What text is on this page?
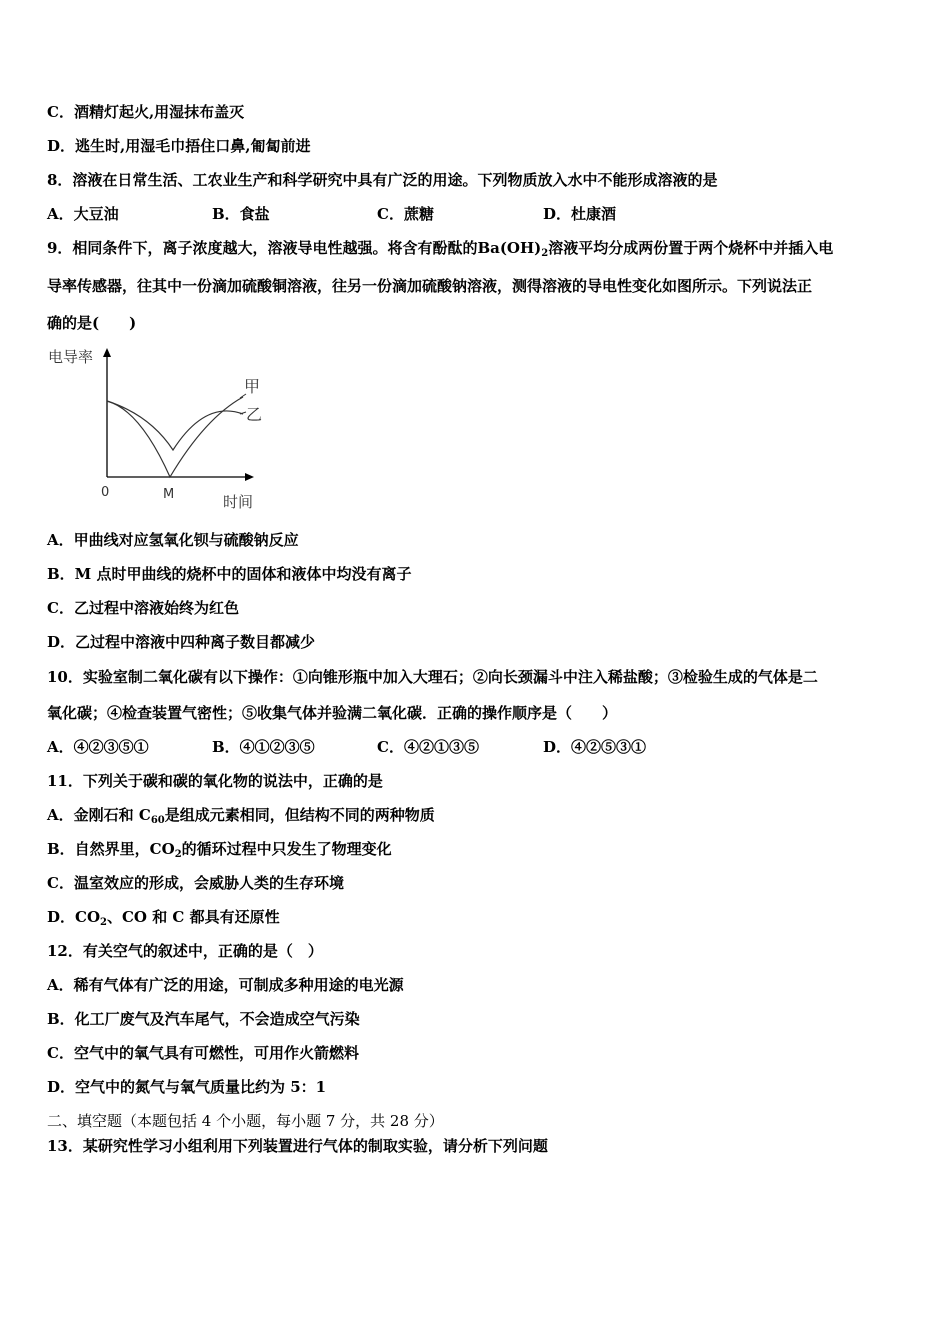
C．酒精灯起火,用湿抹布盖灭
D．逃生时,用湿毛巾捂住口鼻,匍匐前进
8．溶液在日常生活、工农业生产和科学研究中具有广泛的用途。下列物质放入水中不能形成溶液的是
A．大豆油	B．食盐	C．蔗糖	D．杜康酒
9．相同条件下，离子浓度越大，溶液导电性越强。将含有酚酞的$Ba(OH)_2$溶液平均分成两份置于两个烧杯中并插入电
导率传感器，往其中一份滴加硫酸铜溶液，往另一份滴加硫酸钠溶液，测得溶液的导电性变化如图所示。下列说法正
确的是(　　)
电导率
时间
0	M
甲
乙
A．甲曲线对应氢氧化钡与硫酸钠反应
B．M 点时甲曲线的烧杯中的固体和液体中均没有离子
C．乙过程中溶液始终为红色
D．乙过程中溶液中四种离子数目都减少
10．实验室制二氧化碳有以下操作：①向锥形瓶中加入大理石；②向长颈漏斗中注入稀盐酸；③检验生成的气体是二
氧化碳；④检查装置气密性；⑤收集气体并验满二氧化碳．正确的操作顺序是（　　）
A．④②③⑤①	B．④①②③⑤	C．④②①③⑤	D．④②⑤③①
11．下列关于碳和碳的氧化物的说法中，正确的是
A．金刚石和 $C_{60}$是组成元素相同，但结构不同的两种物质
B．自然界里，$CO_2$的循环过程中只发生了物理变化
C．温室效应的形成，会威胁人类的生存环境
D．$CO_2$、CO 和 C 都具有还原性
12．有关空气的叙述中，正确的是（　）
A．稀有气体有广泛的用途，可制成多种用途的电光源
B．化工厂废气及汽车尾气，不会造成空气污染
C．空气中的氧气具有可燃性，可用作火箭燃料
D．空气中的氮气与氧气质量比约为 5：1
二、填空题（本题包括 4 个小题，每小题 7 分，共 28 分）
13．某研究性学习小组利用下列装置进行气体的制取实验，请分析下列问题
